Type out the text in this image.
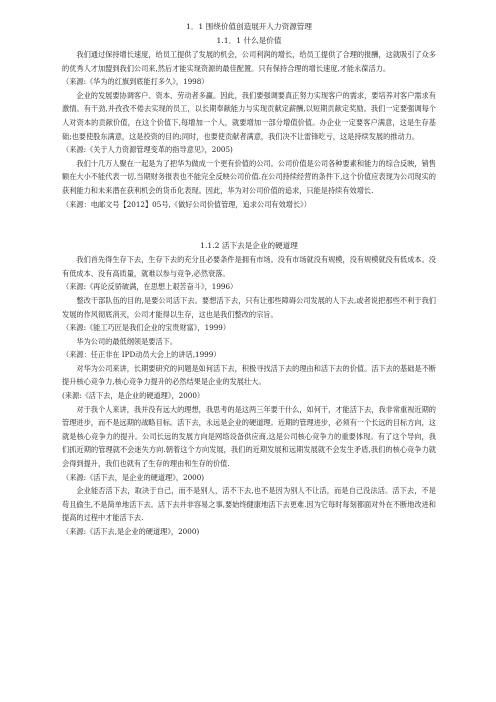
1．1 围绕价值创造展开人力资源管理

1.1．1 什么是价值

我们通过保持增长速度，给员工提供了发展的机会，公司利润的增长，给员工提供了合理的报酬，这就吸引了众多的优秀人才加盟到我们公司来,然后才能实现资源的最佳配置。只有保持合理的增长速度,才能永葆活力。

（来源:《华为的红旗到底能打多久》，1998）

企业的发展要协调客户、资本、劳动者多赢。因此，我们要强调要真正努力实现客户的需求，要培养对客户需求有激情。有干劲,并孜孜不倦去实现的员工，以长期奉献能力与实现贡献定薪酬,以短期贡献定奖励。我们一定要强调每个人对资本的贡献价值，在这个价值下,每增加一个人，就要增加一部分增值价值。办企业一定要客户满意，这是生存基础;也要使股东满意，这是投资的目的;同时，也要使贡献者满意，我们决不让雷锋吃亏，这是持续发展的推动力。

（来源:《关于人力资源管理变革的指导意见》，2005)

我们十几万人聚在一起是为了把华为做成一个更有价值的公司。公司价值是公司各种要素和能力的综合反映，销售额在大小不能代表一切,当期财务报表也不能完全反映公司价值.在公司持续经营的条件下,这个价值应表现为公司现实的获利能力和未来潜在获利机会的货币化表现。因此，华为对公司价值的追求，只能是持续有效增长.

（来源：电邮文号【2012】05号,《做好公司价值管理，追求公司有效增长》）

1.1.2 活下去是企业的硬道理

我们首先得生存下去，生存下去的充分且必要条件是拥有市场。没有市场就没有规模，没有规模就没有低成本。没有低成本、没有高质量，就难以参与竞争,必然衰落。

（来源:《再论反骄破满，在思想上艰苦奋斗》，1996）

整改干部队伍的目的,是要公司活下去。要想活下去，只有让那些障碍公司发展的人下去,或者说把那些不利于我们发展的作风彻底消灭，公司才能得以生存，这也是我们整改的宗旨。

（来源:《能工巧匠是我们企业的宝贵财富》，1999）

华为公司的最低纲领是要活下。

（来源：任正非在 IPD动员大会上的讲话,1999）

对华为公司来讲，长期要研究的问题是如何活下去，积极寻找活下去的理由和活下去的价值。活下去的基础是不断提升核心竞争力,核心竞争力提升的必然结果是企业的发展壮大。

(来源:《活下去，是企业的硬道理》，2000）

对于我个人来讲，我并没有远大的理想，我思考的是这两三年要干什么，如何干，才能活下去，我非常重视近期的管理进步，而不是远期的战略目标。活下去，永远是企业的硬道理。近期的管理进步，必须有一个长远的目标方向，这就是核心竞争力的提升。公司长远的发展方向是网络设备供应商,这是公司核心竞争力的重要体现。有了这个导向，我们抓近期的管理就不会迷失方向.朝着这个方向发展，我们的近期发展和远期发展就不会发生矛盾,我们的核心竞争力就会得到提升，我们也就有了生存的理由和生存的价值.

（来源:《活下去，是企业的硬道理》，2000)

企业能否活下去，取决于自己，而不是别人，活不下去,也不是因为别人不让活，而是自己没法活。活下去，不是苟且偷生,不是简单地活下去。活下去并非容易之事,要始终健康地活下去更难.因为它每时每刻都面对外在不断地改进和提高的过程中才能活下去.

（来源:《活下去,是企业的硬道理》，2000)
